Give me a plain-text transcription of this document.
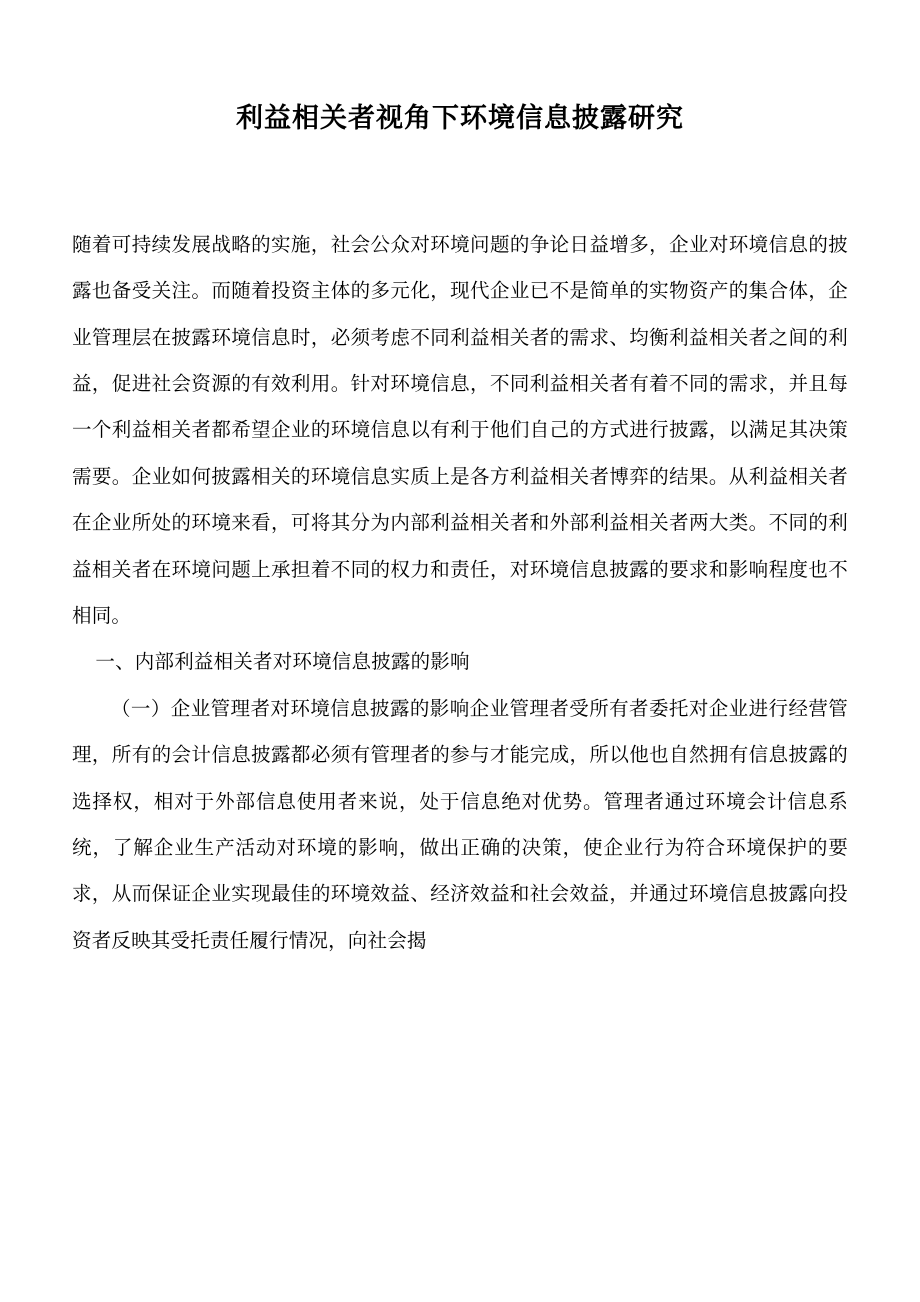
利益相关者视角下环境信息披露研究

随着可持续发展战略的实施，社会公众对环境问题的争论日益增多，企业对环境信息的披露也备受关注。而随着投资主体的多元化，现代企业已不是简单的实物资产的集合体，企业管理层在披露环境信息时，必须考虑不同利益相关者的需求、均衡利益相关者之间的利益，促进社会资源的有效利用。针对环境信息，不同利益相关者有着不同的需求，并且每一个利益相关者都希望企业的环境信息以有利于他们自己的方式进行披露，以满足其决策需要。企业如何披露相关的环境信息实质上是各方利益相关者博弈的结果。从利益相关者在企业所处的环境来看，可将其分为内部利益相关者和外部利益相关者两大类。不同的利益相关者在环境问题上承担着不同的权力和责任，对环境信息披露的要求和影响程度也不相同。

一、内部利益相关者对环境信息披露的影响

（一）企业管理者对环境信息披露的影响企业管理者受所有者委托对企业进行经营管理，所有的会计信息披露都必须有管理者的参与才能完成，所以他也自然拥有信息披露的选择权，相对于外部信息使用者来说，处于信息绝对优势。管理者通过环境会计信息系统，了解企业生产活动对环境的影响，做出正确的决策，使企业行为符合环境保护的要求，从而保证企业实现最佳的环境效益、经济效益和社会效益，并通过环境信息披露向投资者反映其受托责任履行情况，向社会揭
